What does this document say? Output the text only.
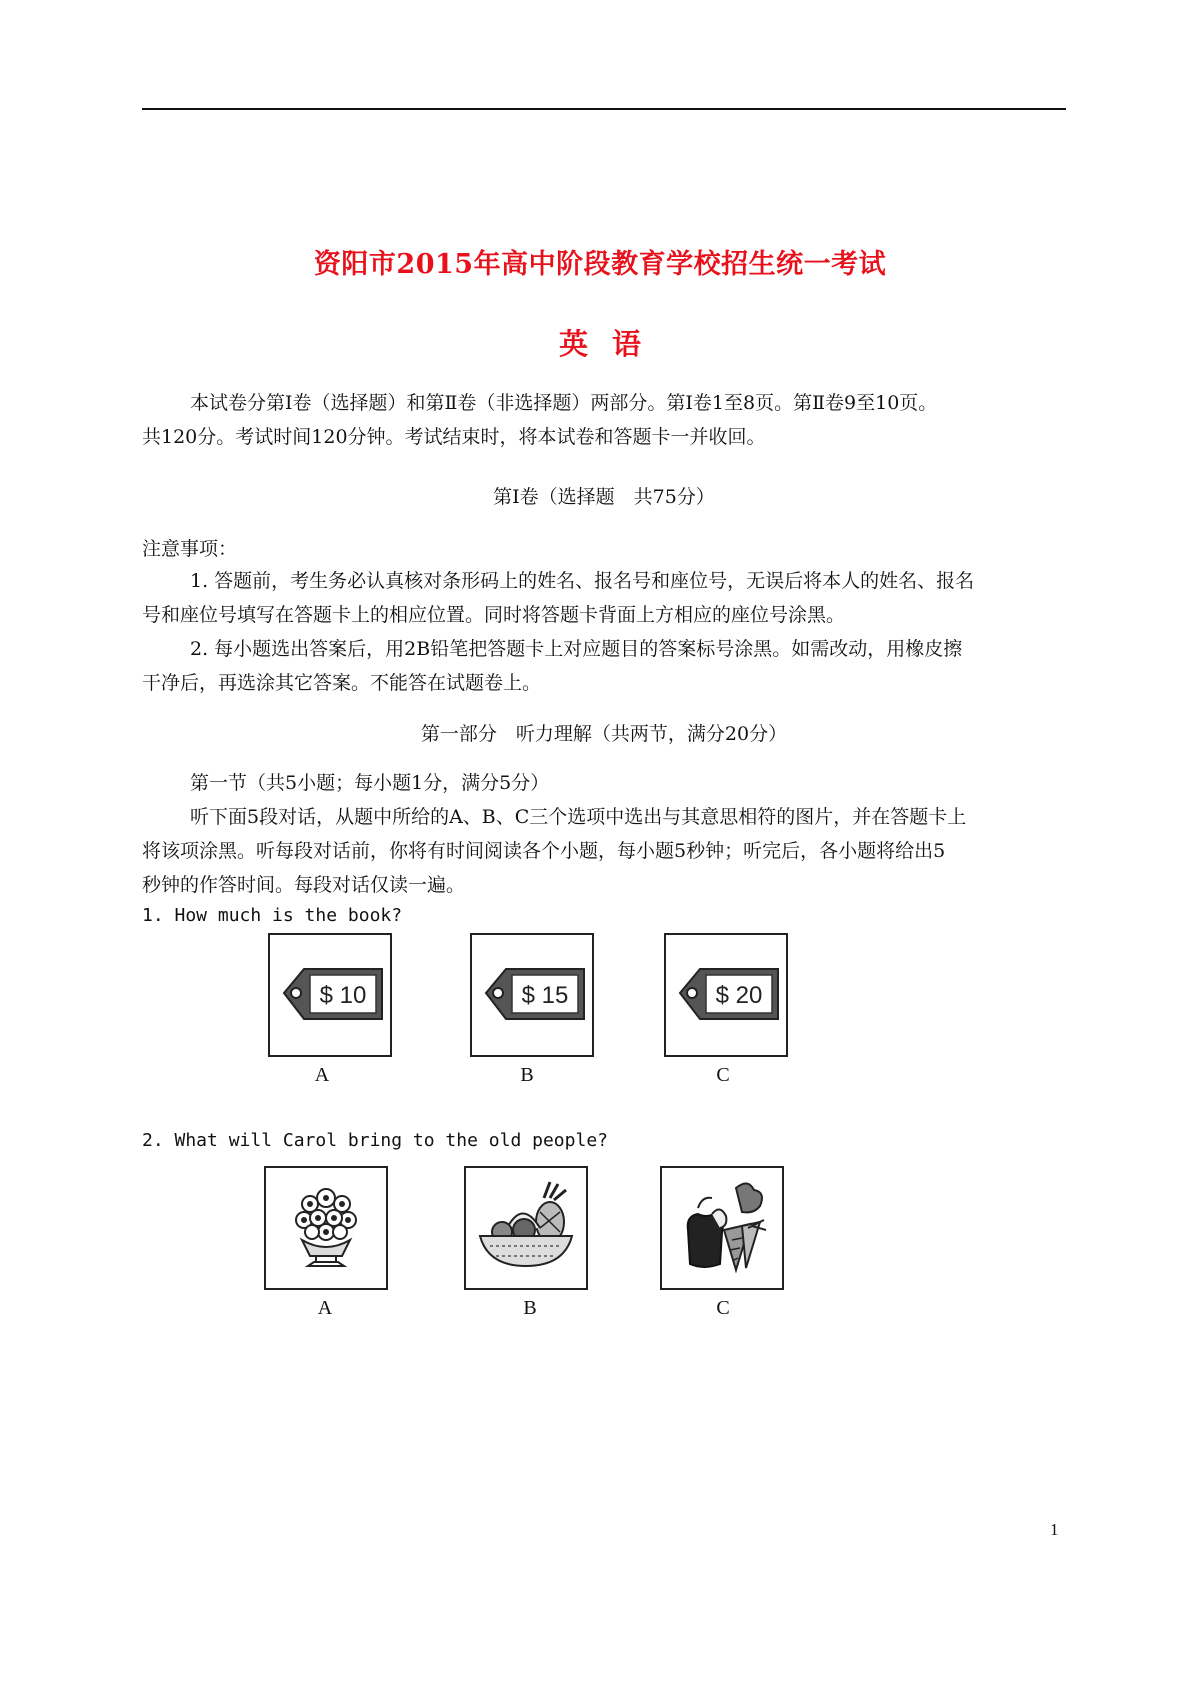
资阳市2015年高中阶段教育学校招生统一考试
英语
本试卷分第Ⅰ卷（选择题）和第Ⅱ卷（非选择题）两部分。第Ⅰ卷1至8页。第Ⅱ卷9至10页。
共120分。考试时间120分钟。考试结束时，将本试卷和答题卡一并收回。
第Ⅰ卷（选择题　共75分）
注意事项：
1. 答题前，考生务必认真核对条形码上的姓名、报名号和座位号，无误后将本人的姓名、报名
号和座位号填写在答题卡上的相应位置。同时将答题卡背面上方相应的座位号涂黑。
2. 每小题选出答案后，用2B铅笔把答题卡上对应题目的答案标号涂黑。如需改动，用橡皮擦
干净后，再选涂其它答案。不能答在试题卷上。
第一部分　听力理解（共两节，满分20分）
第一节（共5小题；每小题1分，满分5分）
听下面5段对话，从题中所给的A、B、C三个选项中选出与其意思相符的图片，并在答题卡上
将该项涂黑。听每段对话前，你将有时间阅读各个小题，每小题5秒钟；听完后，各小题将给出5
秒钟的作答时间。每段对话仅读一遍。
1. How much is the book?
$ 10
A
$ 15
B
$ 20
C
2. What will Carol bring to the old people?
A	B	C
1
